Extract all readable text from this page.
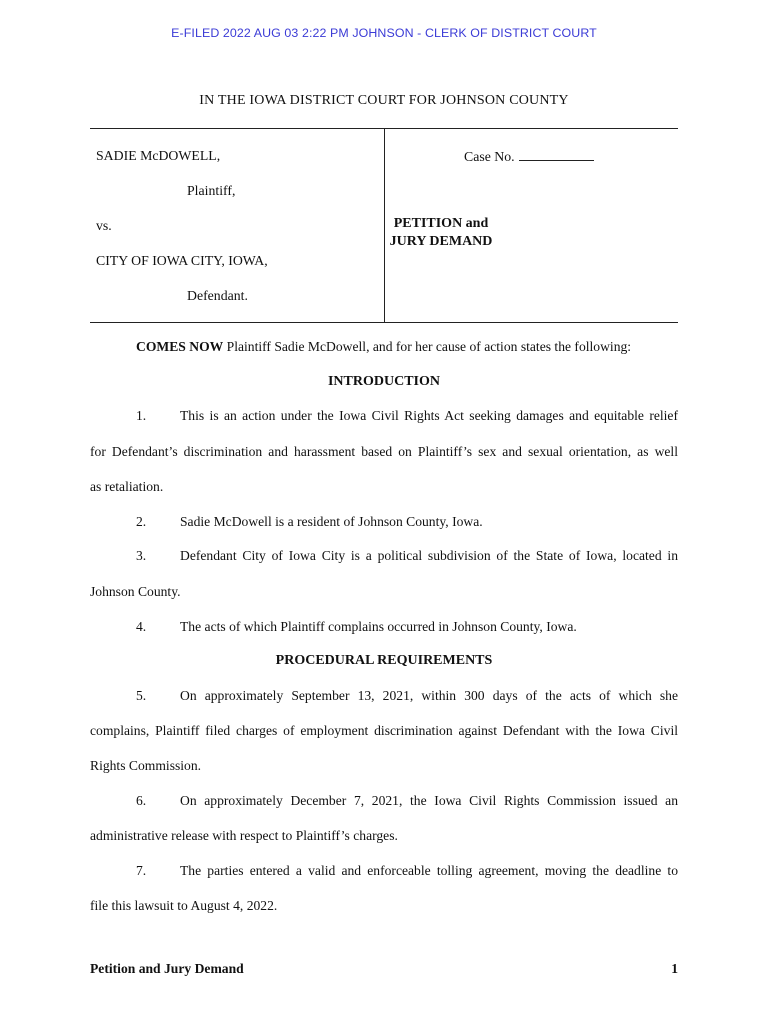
E-FILED 2022 AUG 03 2:22 PM JOHNSON - CLERK OF DISTRICT COURT
IN THE IOWA DISTRICT COURT FOR JOHNSON COUNTY
SADIE McDOWELL,
Plaintiff,
vs.
CITY OF IOWA CITY, IOWA,
Defendant.
Case No.
PETITION and
JURY DEMAND
COMES NOW Plaintiff Sadie McDowell, and for her cause of action states the following:
INTRODUCTION
1. This is an action under the Iowa Civil Rights Act seeking damages and equitable relief
for Defendant’s discrimination and harassment based on Plaintiff’s sex and sexual orientation, as well
as retaliation.
2. Sadie McDowell is a resident of Johnson County, Iowa.
3. Defendant City of Iowa City is a political subdivision of the State of Iowa, located in
Johnson County.
4. The acts of which Plaintiff complains occurred in Johnson County, Iowa.
PROCEDURAL REQUIREMENTS
5. On approximately September 13, 2021, within 300 days of the acts of which she
complains, Plaintiff filed charges of employment discrimination against Defendant with the Iowa Civil
Rights Commission.
6. On approximately December 7, 2021, the Iowa Civil Rights Commission issued an
administrative release with respect to Plaintiff’s charges.
7. The parties entered a valid and enforceable tolling agreement, moving the deadline to
file this lawsuit to August 4, 2022.
Petition and Jury Demand	1
